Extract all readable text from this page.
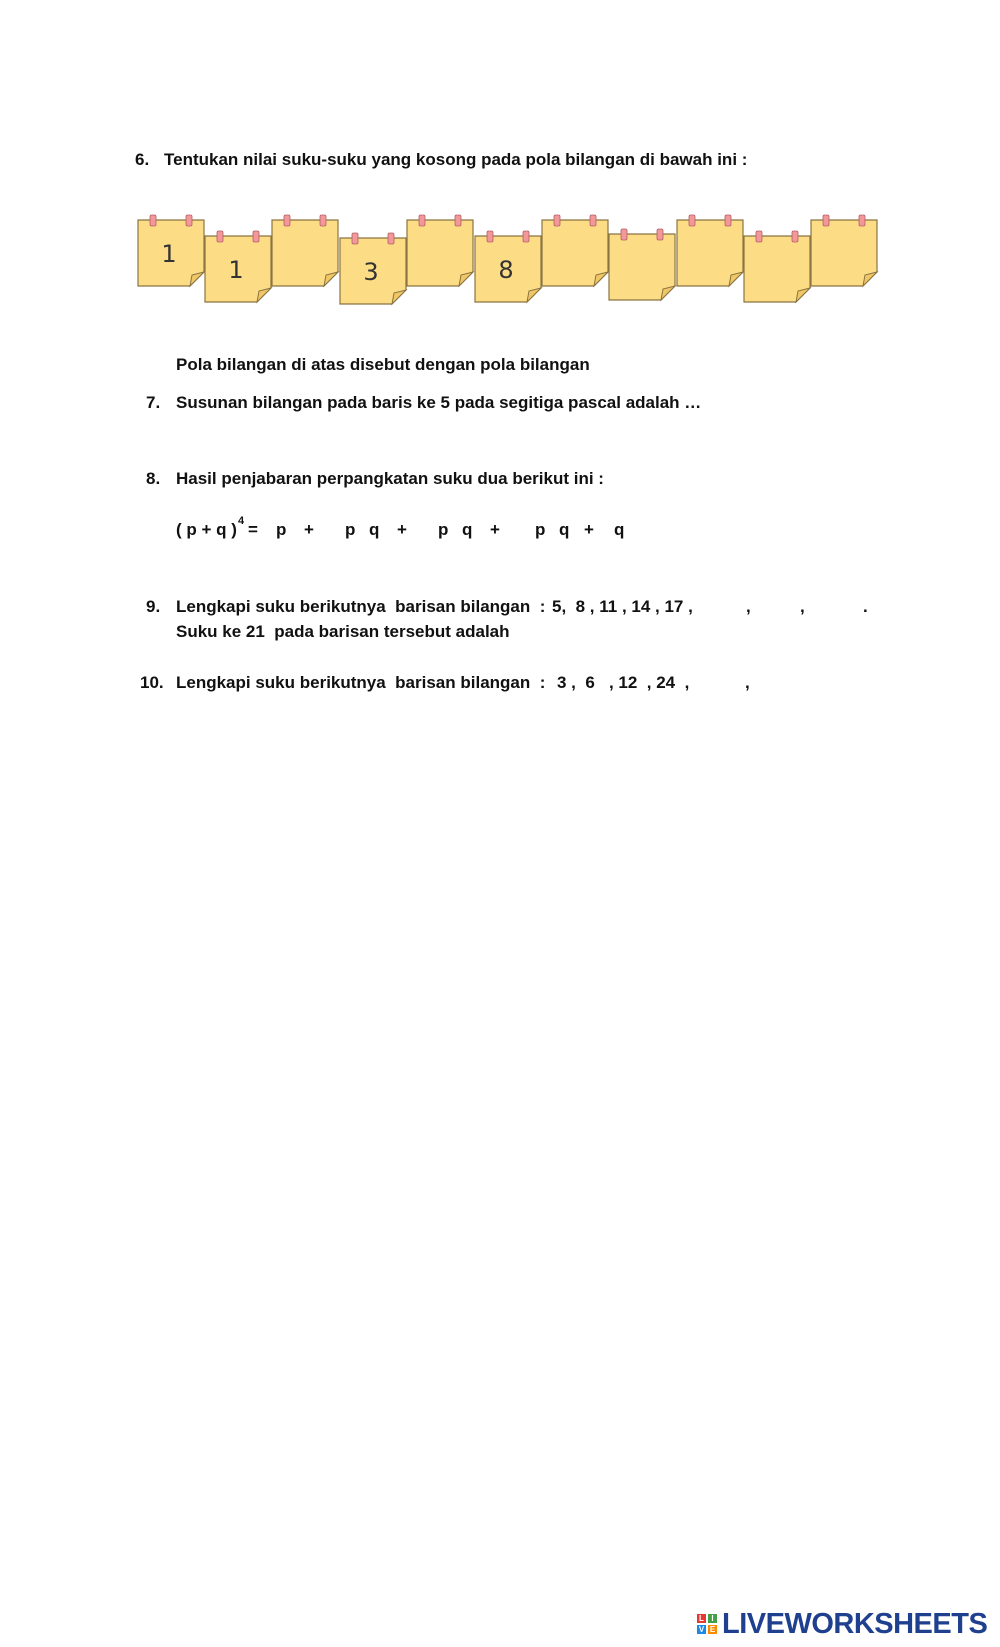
6. Tentukan nilai suku-suku yang kosong pada pola bilangan di bawah ini :
1
1	3	8
Pola bilangan di atas disebut dengan pola bilangan
7. Susunan bilangan pada baris ke 5 pada segitiga pascal adalah …
8. Hasil penjabaran perpangkatan suku dua berikut ini :
( p + q ) 4 = p + p q + p q + p q + q
9. Lengkapi suku berikutnya  barisan bilangan  : 5,  8 , 11 , 14 , 17 ,	,	,	.
Suku ke 21  pada barisan tersebut adalah
10. Lengkapi suku berikutnya  barisan bilangan  : 3 ,  6   , 12  , 24  ,	,
L I
V E LIVEWORKSHEETS
